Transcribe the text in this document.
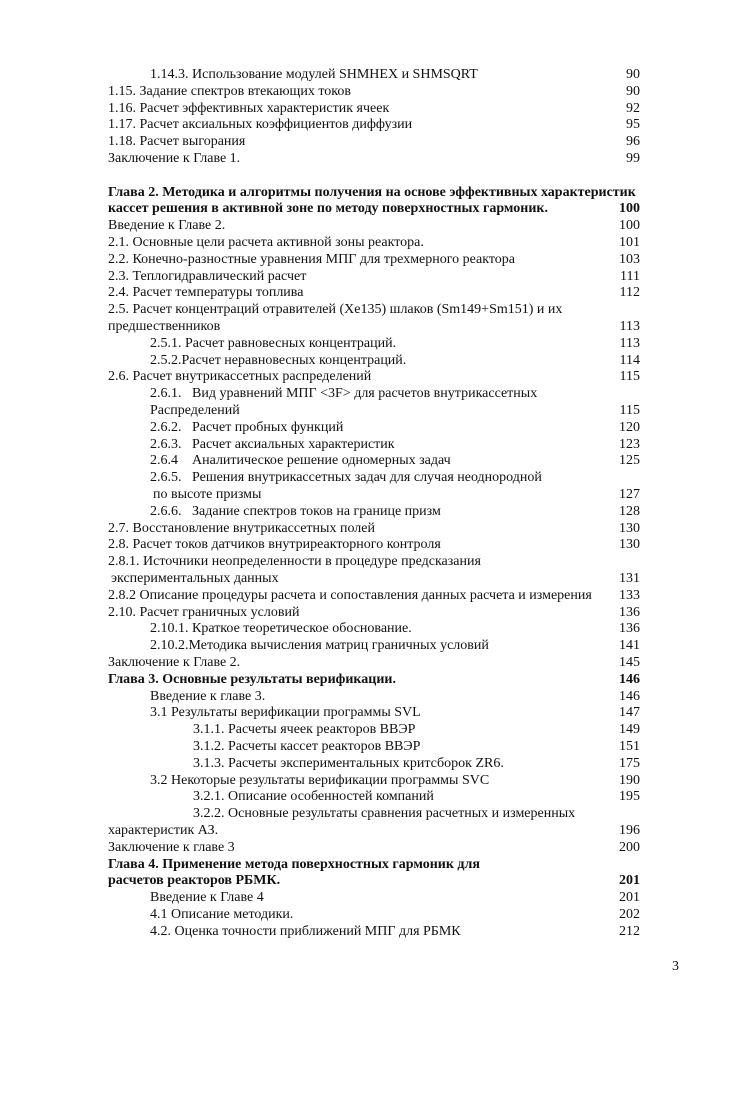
1.14.3. Использование модулей SHMHEX и SHMSQRT	90
1.15. Задание спектров втекающих токов	90
1.16. Расчет эффективных характеристик ячеек	92
1.17. Расчет аксиальных коэффициентов диффузии	95
1.18. Расчет выгорания	96
Заключение к Главе 1.	99
Глава 2. Методика и алгоритмы получения на основе эффективных характеристик
кассет решения в активной зоне по методу поверхностных гармоник.	100
Введение к Главе 2.	100
2.1. Основные цели расчета активной зоны реактора.	101
2.2. Конечно-разностные уравнения МПГ для трехмерного реактора	103
2.3. Теплогидравлический расчет	111
2.4. Расчет температуры топлива	112
2.5. Расчет концентраций отравителей (Xe135) шлаков (Sm149+Sm151) и их
предшественников	113
2.5.1. Расчет равновесных концентраций.	113
2.5.2.Расчет неравновесных концентраций.	114
2.6. Расчет внутрикассетных распределений	115
2.6.1.   Вид уравнений МПГ <3F> для расчетов внутрикассетных
Распределений	115
2.6.2.   Расчет пробных функций	120
2.6.3.   Расчет аксиальных характеристик	123
2.6.4    Аналитическое решение одномерных задач	125
2.6.5.   Решения внутрикассетных задач для случая неоднородной
по высоте призмы	127
2.6.6.   Задание спектров токов на границе призм	128
2.7. Восстановление внутрикассетных полей	130
2.8. Расчет токов датчиков внутриреакторного контроля	130
2.8.1. Источники неопределенности в процедуре предсказания
экспериментальных данных	131
2.8.2 Описание процедуры расчета и сопоставления данных расчета и измерения 133
2.10. Расчет граничных условий	136
2.10.1. Краткое теоретическое обоснование.	136
2.10.2.Методика вычисления матриц граничных условий	141
Заключение к Главе 2.	145
Глава 3. Основные результаты верификации.	146
Введение к главе 3.	146
3.1 Результаты верификации программы SVL	147
3.1.1. Расчеты ячеек реакторов ВВЭР	149
3.1.2. Расчеты кассет реакторов ВВЭР	151
3.1.3. Расчеты экспериментальных критсборок ZR6.	175
3.2 Некоторые результаты верификации программы SVC	190
3.2.1. Описание особенностей компаний	195
3.2.2. Основные результаты сравнения расчетных и измеренных
характеристик АЗ.	196
Заключение к главе 3	200
Глава 4. Применение метода поверхностных гармоник для
расчетов реакторов РБМК.	201
Введение к Главе 4	201
4.1 Описание методики.	202
4.2. Оценка точности приближений МПГ для РБМК	212
3
